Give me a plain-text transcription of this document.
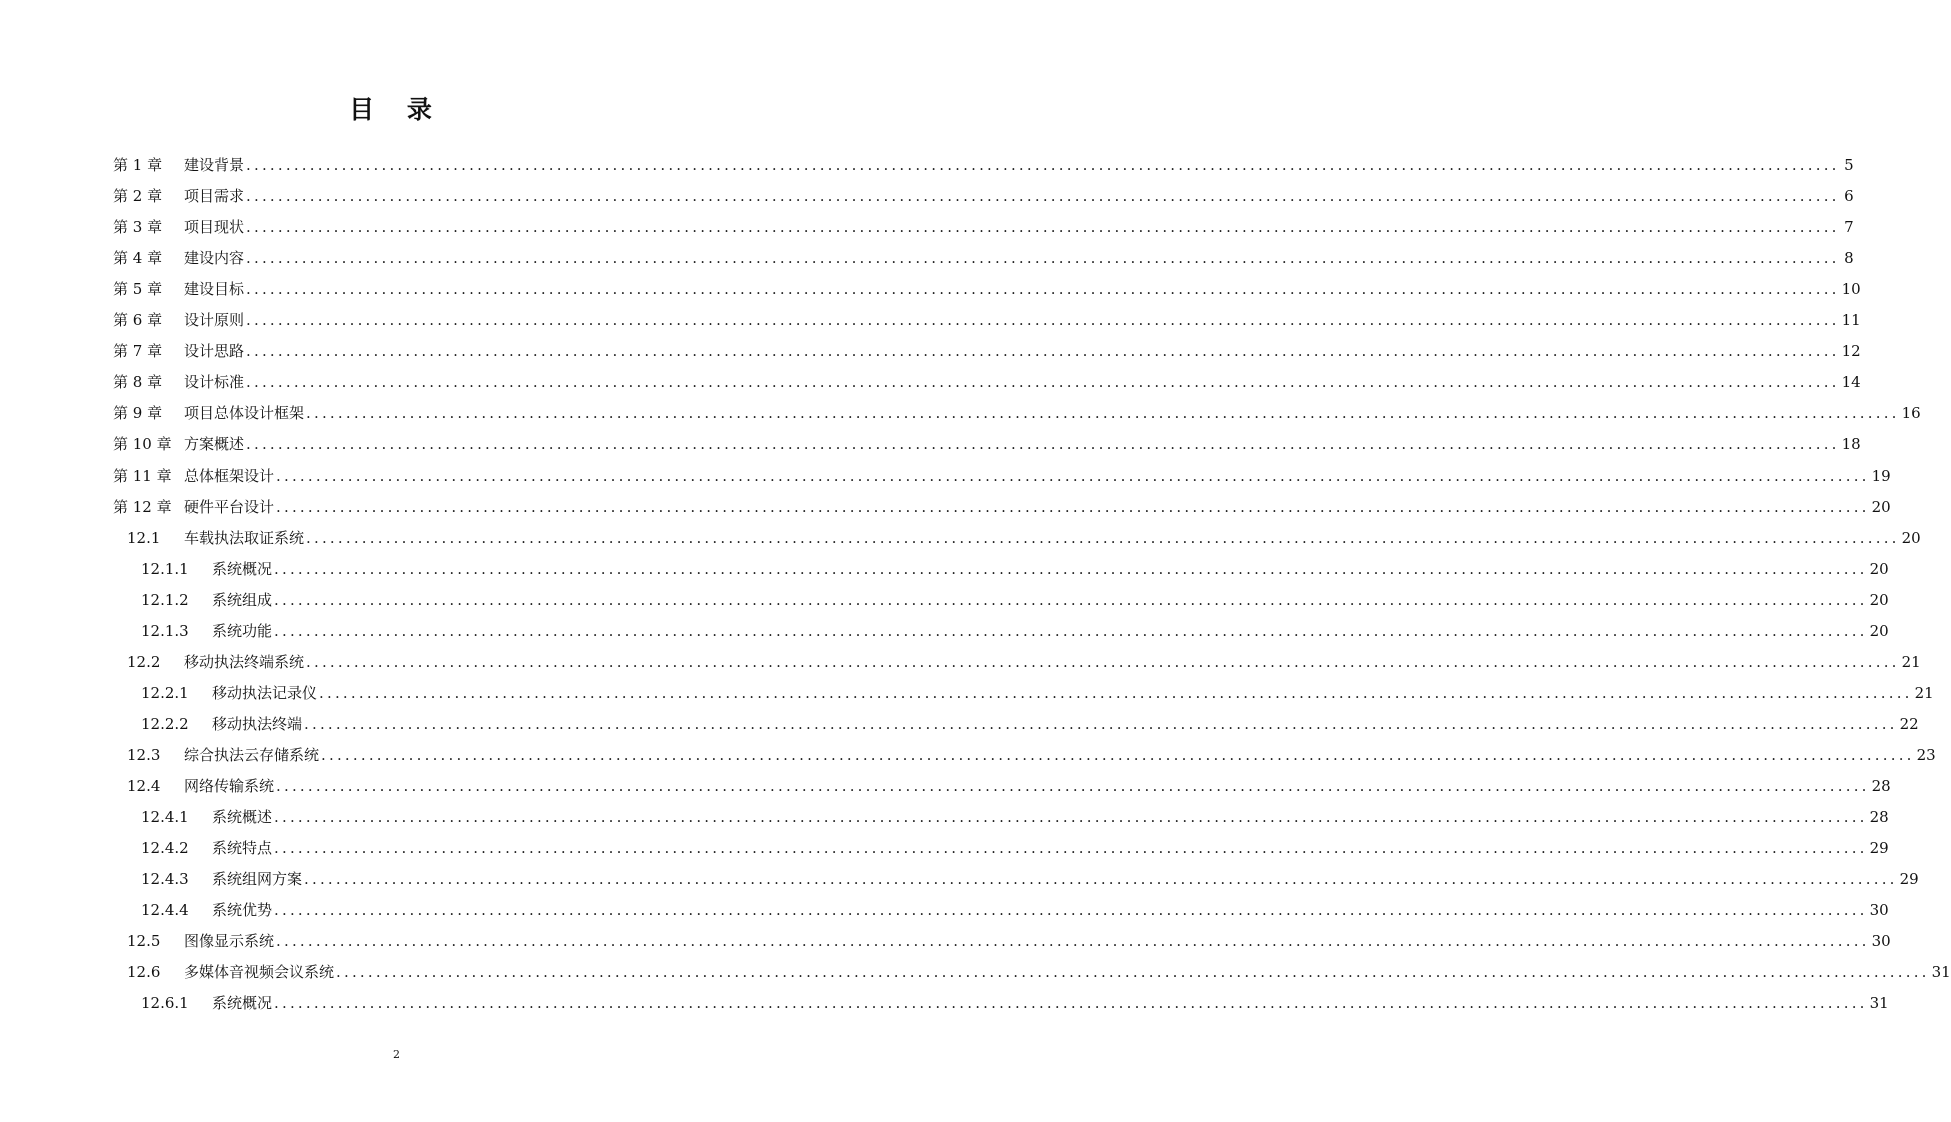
目 录
第 1 章	建设背景 ........................................................................................................................................................................................................ 5
第 2 章	项目需求 ........................................................................................................................................................................................................ 6
第 3 章	项目现状 ........................................................................................................................................................................................................ 7
第 4 章	建设内容 ........................................................................................................................................................................................................ 8
第 5 章	建设目标 ........................................................................................................................................................................................................ 10
第 6 章	设计原则 ........................................................................................................................................................................................................ 11
第 7 章	设计思路 ........................................................................................................................................................................................................ 12
第 8 章	设计标准 ........................................................................................................................................................................................................ 14
第 9 章	项目总体设计框架 ........................................................................................................................................................................................................ 16
第 10 章 方案概述 ........................................................................................................................................................................................................ 18
第 11 章 总体框架设计 ........................................................................................................................................................................................................ 19
第 12 章 硬件平台设计 ........................................................................................................................................................................................................ 20
12.1	车载执法取证系统 ........................................................................................................................................................................................................ 20
12.1.1	系统概况 ........................................................................................................................................................................................................ 20
12.1.2	系统组成 ........................................................................................................................................................................................................ 20
12.1.3	系统功能 ........................................................................................................................................................................................................ 20
12.2	移动执法终端系统 ........................................................................................................................................................................................................ 21
12.2.1	移动执法记录仪 ........................................................................................................................................................................................................ 21
12.2.2	移动执法终端 ........................................................................................................................................................................................................ 22
12.3	综合执法云存储系统 ........................................................................................................................................................................................................ 23
12.4	网络传输系统 ........................................................................................................................................................................................................ 28
12.4.1	系统概述 ........................................................................................................................................................................................................ 28
12.4.2	系统特点 ........................................................................................................................................................................................................ 29
12.4.3	系统组网方案 ........................................................................................................................................................................................................ 29
12.4.4	系统优势 ........................................................................................................................................................................................................ 30
12.5	图像显示系统 ........................................................................................................................................................................................................ 30
12.6	多媒体音视频会议系统 ........................................................................................................................................................................................................ 31
12.6.1	系统概况 ........................................................................................................................................................................................................ 31
2
